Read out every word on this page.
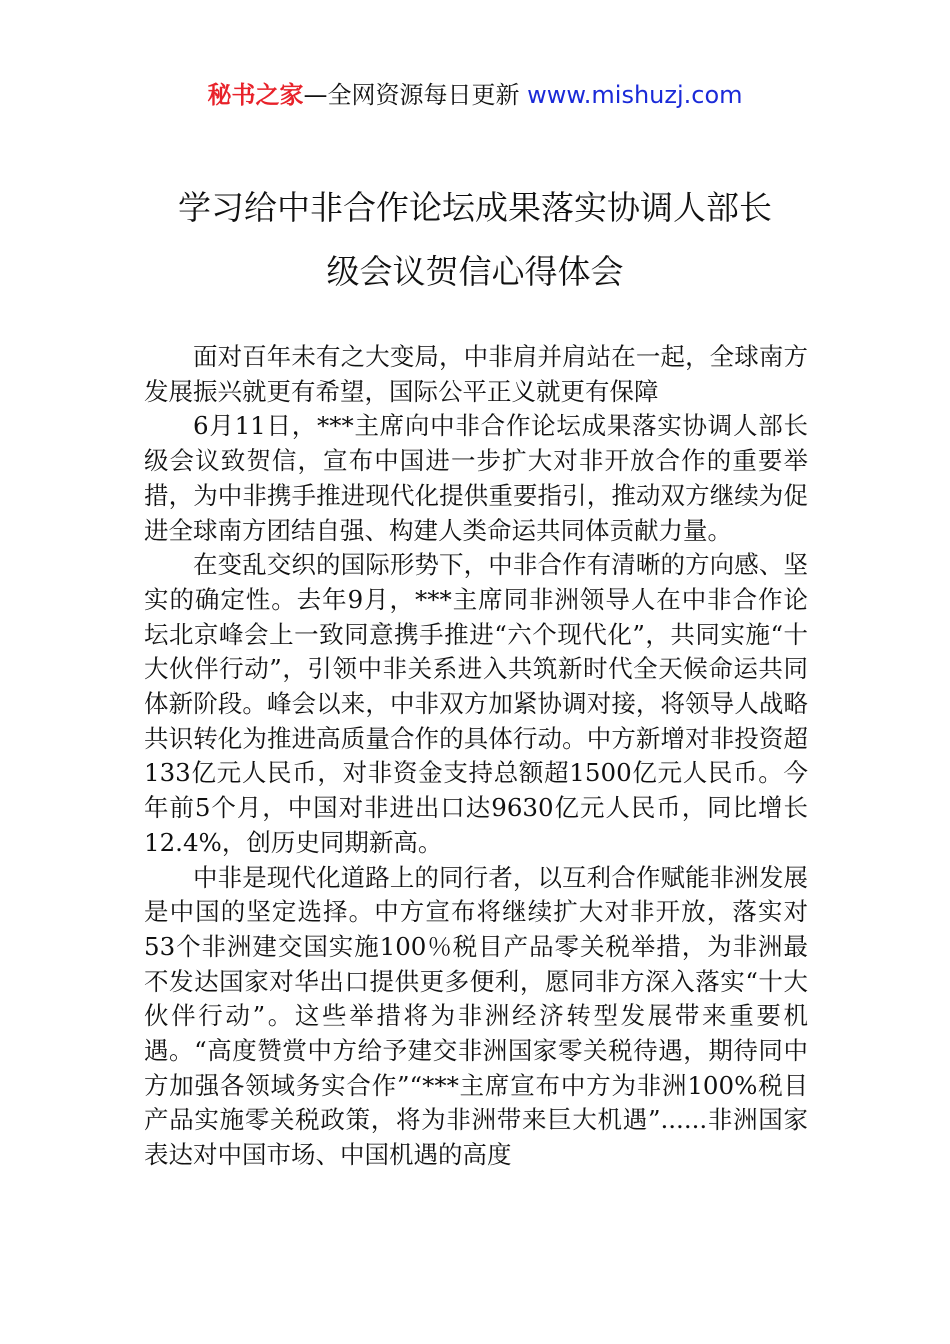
秘书之家—全网资源每日更新 www.mishuzj.com
学习给中非合作论坛成果落实协调人部长
级会议贺信心得体会

面对百年未有之大变局，中非肩并肩站在一起，全球南方发展振兴就更有希望，国际公平正义就更有保障

6月11日，***主席向中非合作论坛成果落实协调人部长级会议致贺信，宣布中国进一步扩大对非开放合作的重要举措，为中非携手推进现代化提供重要指引，推动双方继续为促进全球南方团结自强、构建人类命运共同体贡献力量。

在变乱交织的国际形势下，中非合作有清晰的方向感、坚实的确定性。去年9月，***主席同非洲领导人在中非合作论坛北京峰会上一致同意携手推进“六个现代化”，共同实施“十大伙伴行动”，引领中非关系进入共筑新时代全天候命运共同体新阶段。峰会以来，中非双方加紧协调对接，将领导人战略共识转化为推进高质量合作的具体行动。中方新增对非投资超133亿元人民币，对非资金支持总额超1500亿元人民币。今年前5个月，中国对非进出口达9630亿元人民币，同比增长12.4%，创历史同期新高。

中非是现代化道路上的同行者，以互利合作赋能非洲发展是中国的坚定选择。中方宣布将继续扩大对非开放，落实对53个非洲建交国实施100％税目产品零关税举措，为非洲最不发达国家对华出口提供更多便利，愿同非方深入落实“十大伙伴行动”。这些举措将为非洲经济转型发展带来重要机遇。“高度赞赏中方给予建交非洲国家零关税待遇，期待同中方加强各领域务实合作”“***主席宣布中方为非洲100%税目产品实施零关税政策，将为非洲带来巨大机遇”......非洲国家表达对中国市场、中国机遇的高度
